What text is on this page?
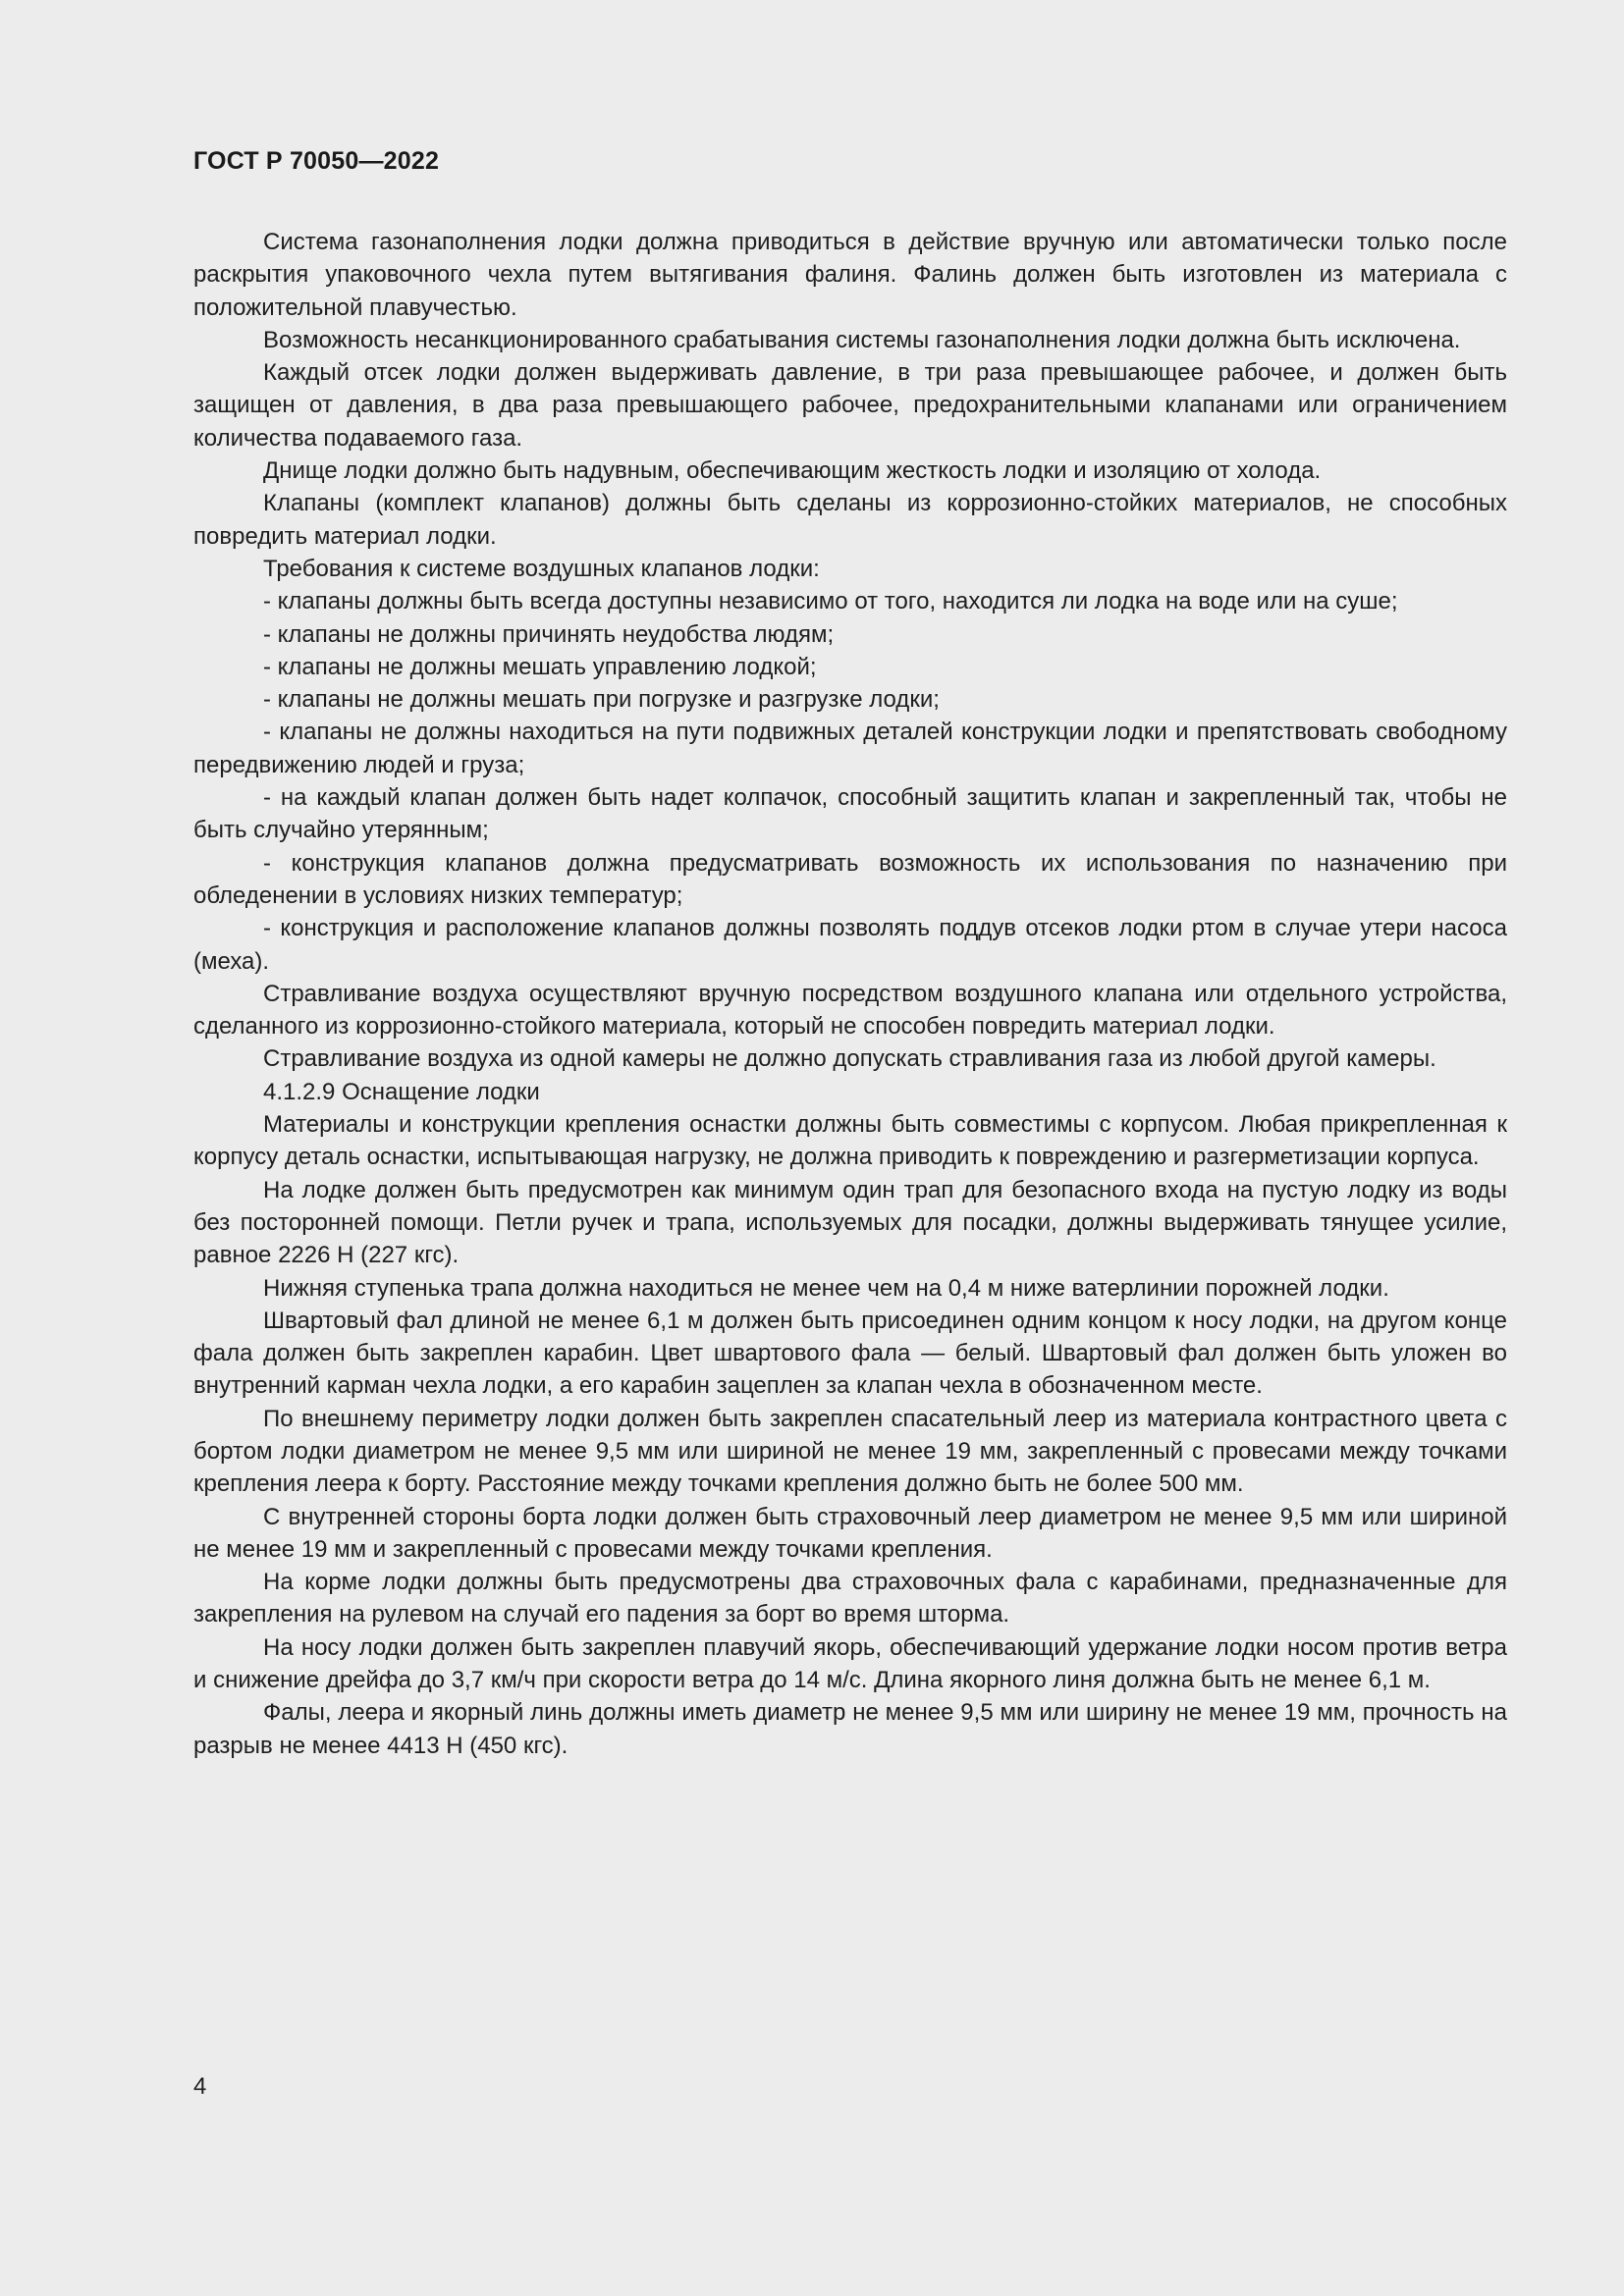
ГОСТ Р 70050—2022

Система газонаполнения лодки должна приводиться в действие вручную или автоматически только после раскрытия упаковочного чехла путем вытягивания фалиня. Фалинь должен быть изготовлен из материала с положительной плавучестью.

Возможность несанкционированного срабатывания системы газонаполнения лодки должна быть исключена.

Каждый отсек лодки должен выдерживать давление, в три раза превышающее рабочее, и должен быть защищен от давления, в два раза превышающего рабочее, предохранительными клапанами или ограничением количества подаваемого газа.

Днище лодки должно быть надувным, обеспечивающим жесткость лодки и изоляцию от холода.

Клапаны (комплект клапанов) должны быть сделаны из коррозионно-стойких материалов, не способных повредить материал лодки.

Требования к системе воздушных клапанов лодки:

- клапаны должны быть всегда доступны независимо от того, находится ли лодка на воде или на суше;

- клапаны не должны причинять неудобства людям;

- клапаны не должны мешать управлению лодкой;

- клапаны не должны мешать при погрузке и разгрузке лодки;

- клапаны не должны находиться на пути подвижных деталей конструкции лодки и препятствовать свободному передвижению людей и груза;

- на каждый клапан должен быть надет колпачок, способный защитить клапан и закрепленный так, чтобы не быть случайно утерянным;

- конструкция клапанов должна предусматривать возможность их использования по назначению при обледенении в условиях низких температур;

- конструкция и расположение клапанов должны позволять поддув отсеков лодки ртом в случае утери насоса (меха).

Стравливание воздуха осуществляют вручную посредством воздушного клапана или отдельного устройства, сделанного из коррозионно-стойкого материала, который не способен повредить материал лодки.

Стравливание воздуха из одной камеры не должно допускать стравливания газа из любой другой камеры.

4.1.2.9 Оснащение лодки

Материалы и конструкции крепления оснастки должны быть совместимы с корпусом. Любая прикрепленная к корпусу деталь оснастки, испытывающая нагрузку, не должна приводить к повреждению и разгерметизации корпуса.

На лодке должен быть предусмотрен как минимум один трап для безопасного входа на пустую лодку из воды без посторонней помощи. Петли ручек и трапа, используемых для посадки, должны выдерживать тянущее усилие, равное 2226 Н (227 кгс).

Нижняя ступенька трапа должна находиться не менее чем на 0,4 м ниже ватерлинии порожней лодки.

Швартовый фал длиной не менее 6,1 м должен быть присоединен одним концом к носу лодки, на другом конце фала должен быть закреплен карабин. Цвет швартового фала — белый. Швартовый фал должен быть уложен во внутренний карман чехла лодки, а его карабин зацеплен за клапан чехла в обозначенном месте.

По внешнему периметру лодки должен быть закреплен спасательный леер из материала контрастного цвета с бортом лодки диаметром не менее 9,5 мм или шириной не менее 19 мм, закрепленный с провесами между точками крепления леера к борту. Расстояние между точками крепления должно быть не более 500 мм.

С внутренней стороны борта лодки должен быть страховочный леер диаметром не менее 9,5 мм или шириной не менее 19 мм и закрепленный с провесами между точками крепления.

На корме лодки должны быть предусмотрены два страховочных фала с карабинами, предназначенные для закрепления на рулевом на случай его падения за борт во время шторма.

На носу лодки должен быть закреплен плавучий якорь, обеспечивающий удержание лодки носом против ветра и снижение дрейфа до 3,7 км/ч при скорости ветра до 14 м/с. Длина якорного линя должна быть не менее 6,1 м.

Фалы, леера и якорный линь должны иметь диаметр не менее 9,5 мм или ширину не менее 19 мм, прочность на разрыв не менее 4413 Н (450 кгс).

4
